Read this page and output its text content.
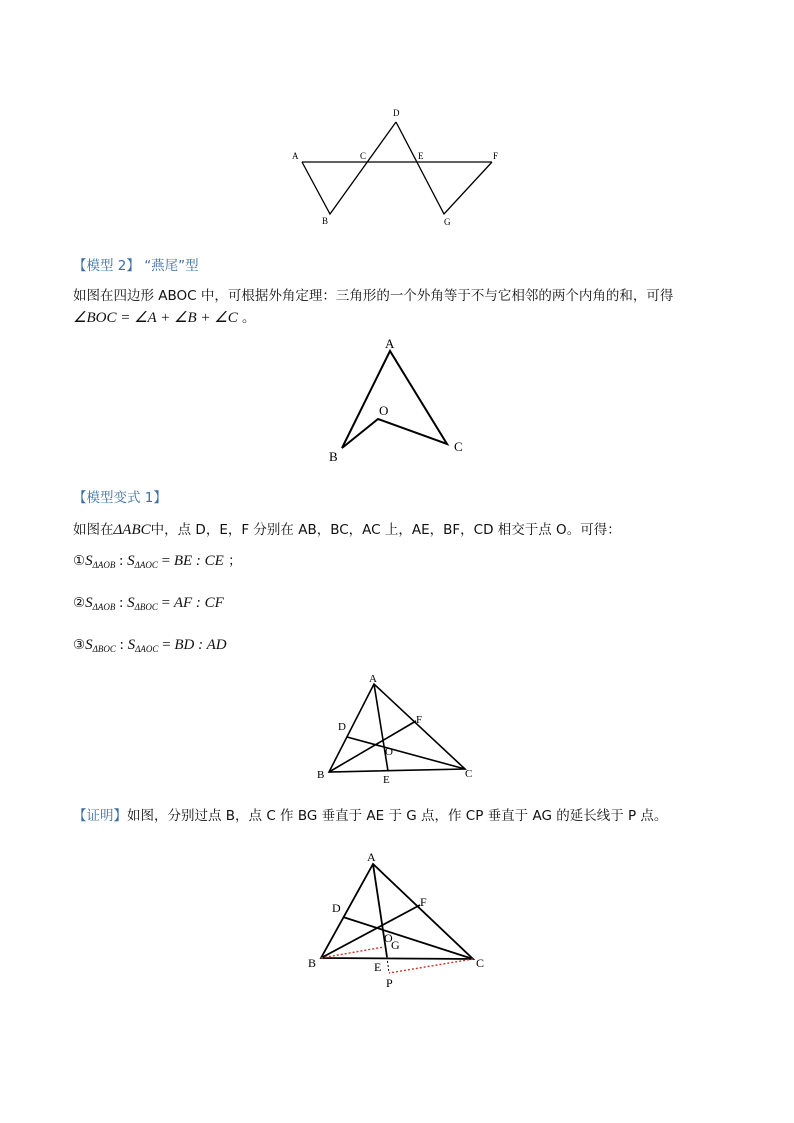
A
B
C
D
E	F
G
【模型 2】 “燕尾”型
如图在四边形 ABOC 中，可根据外角定理：三角形的一个外角等于不与它相邻的两个内角的和，可得
∠BOC = ∠A + ∠B + ∠C 。
A
O
B
C
【模型变式 1】
如图在ΔABC中，点 D，E，F 分别在 AB，BC，AC 上，AE，BF，CD 相交于点 O。可得：
$①S_{\Delta AOB}$ : $S_{\Delta AOC}$ = BE : CE ；
$②S_{\Delta AOB}$ : $S_{\Delta BOC}$ = AF : CF
$③S_{\Delta BOC}$ : $S_{\Delta AOC}$ = BD : AD
A
D
F
O
B	E	C
【证明】如图，分别过点 B，点 C 作 BG 垂直于 AE 于 G 点，作 CP 垂直于 AG 的延长线于 P 点。
A
D	F
O
G
B	E	C
P
